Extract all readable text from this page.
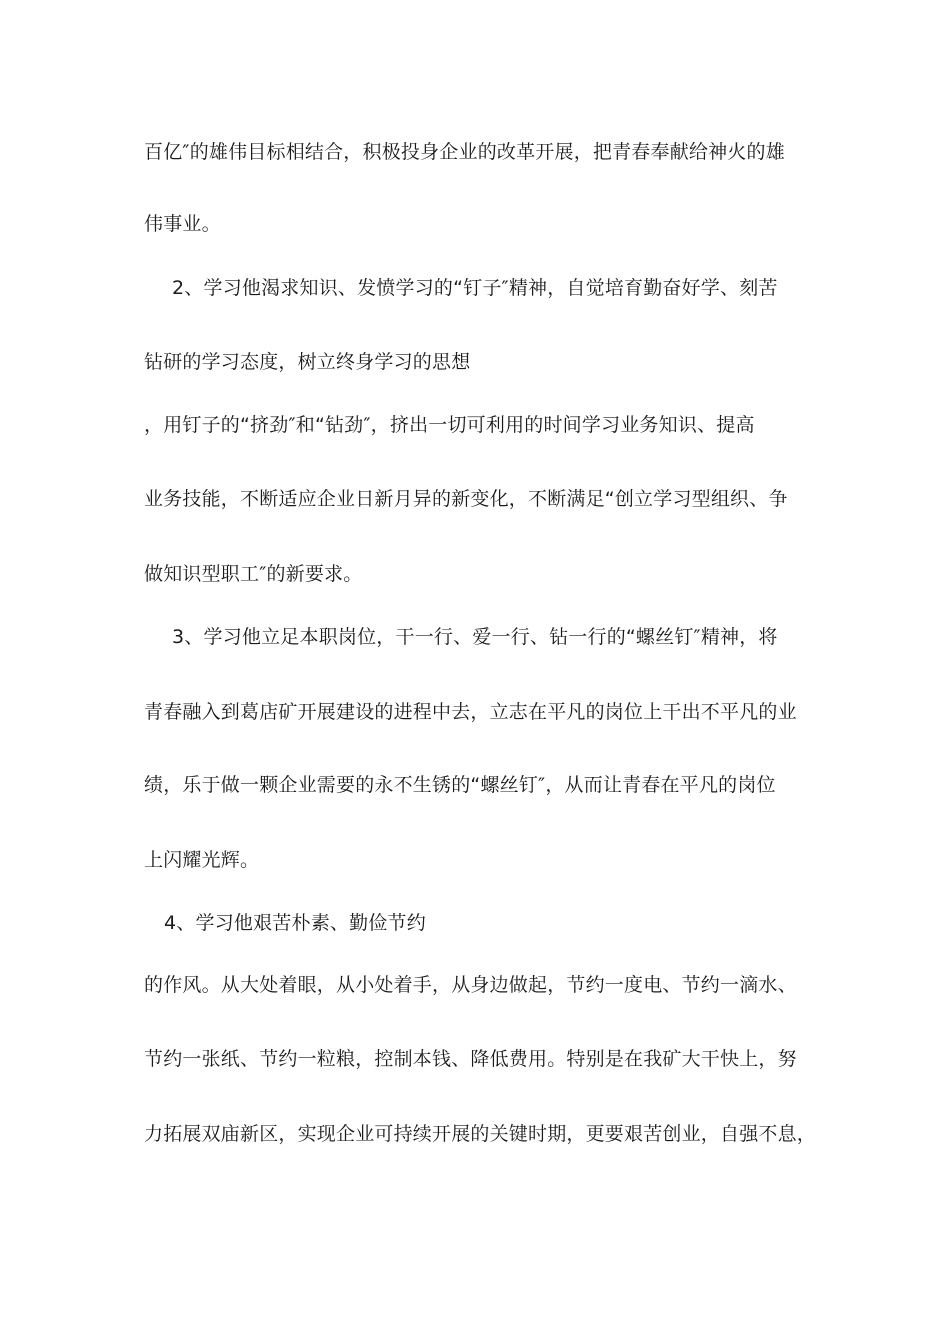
百亿″的雄伟目标相结合，积极投身企业的改革开展，把青春奉献给神火的雄
伟事业。
2、学习他渴求知识、发愤学习的“钉子″精神，自觉培育勤奋好学、刻苦
钻研的学习态度，树立终身学习的思想
，用钉子的“挤劲″和“钻劲″，挤出一切可利用的时间学习业务知识、提高
业务技能，不断适应企业日新月异的新变化，不断满足“创立学习型组织、争
做知识型职工″的新要求。
3、学习他立足本职岗位，干一行、爱一行、钻一行的“螺丝钉″精神，将
青春融入到葛店矿开展建设的进程中去，立志在平凡的岗位上干出不平凡的业
绩，乐于做一颗企业需要的永不生锈的“螺丝钉″，从而让青春在平凡的岗位
上闪耀光辉。
4、学习他艰苦朴素、勤俭节约
的作风。从大处着眼，从小处着手，从身边做起，节约一度电、节约一滴水、
节约一张纸、节约一粒粮，控制本钱、降低费用。特别是在我矿大干快上，努
力拓展双庙新区，实现企业可持续开展的关键时期，更要艰苦创业，自强不息，
